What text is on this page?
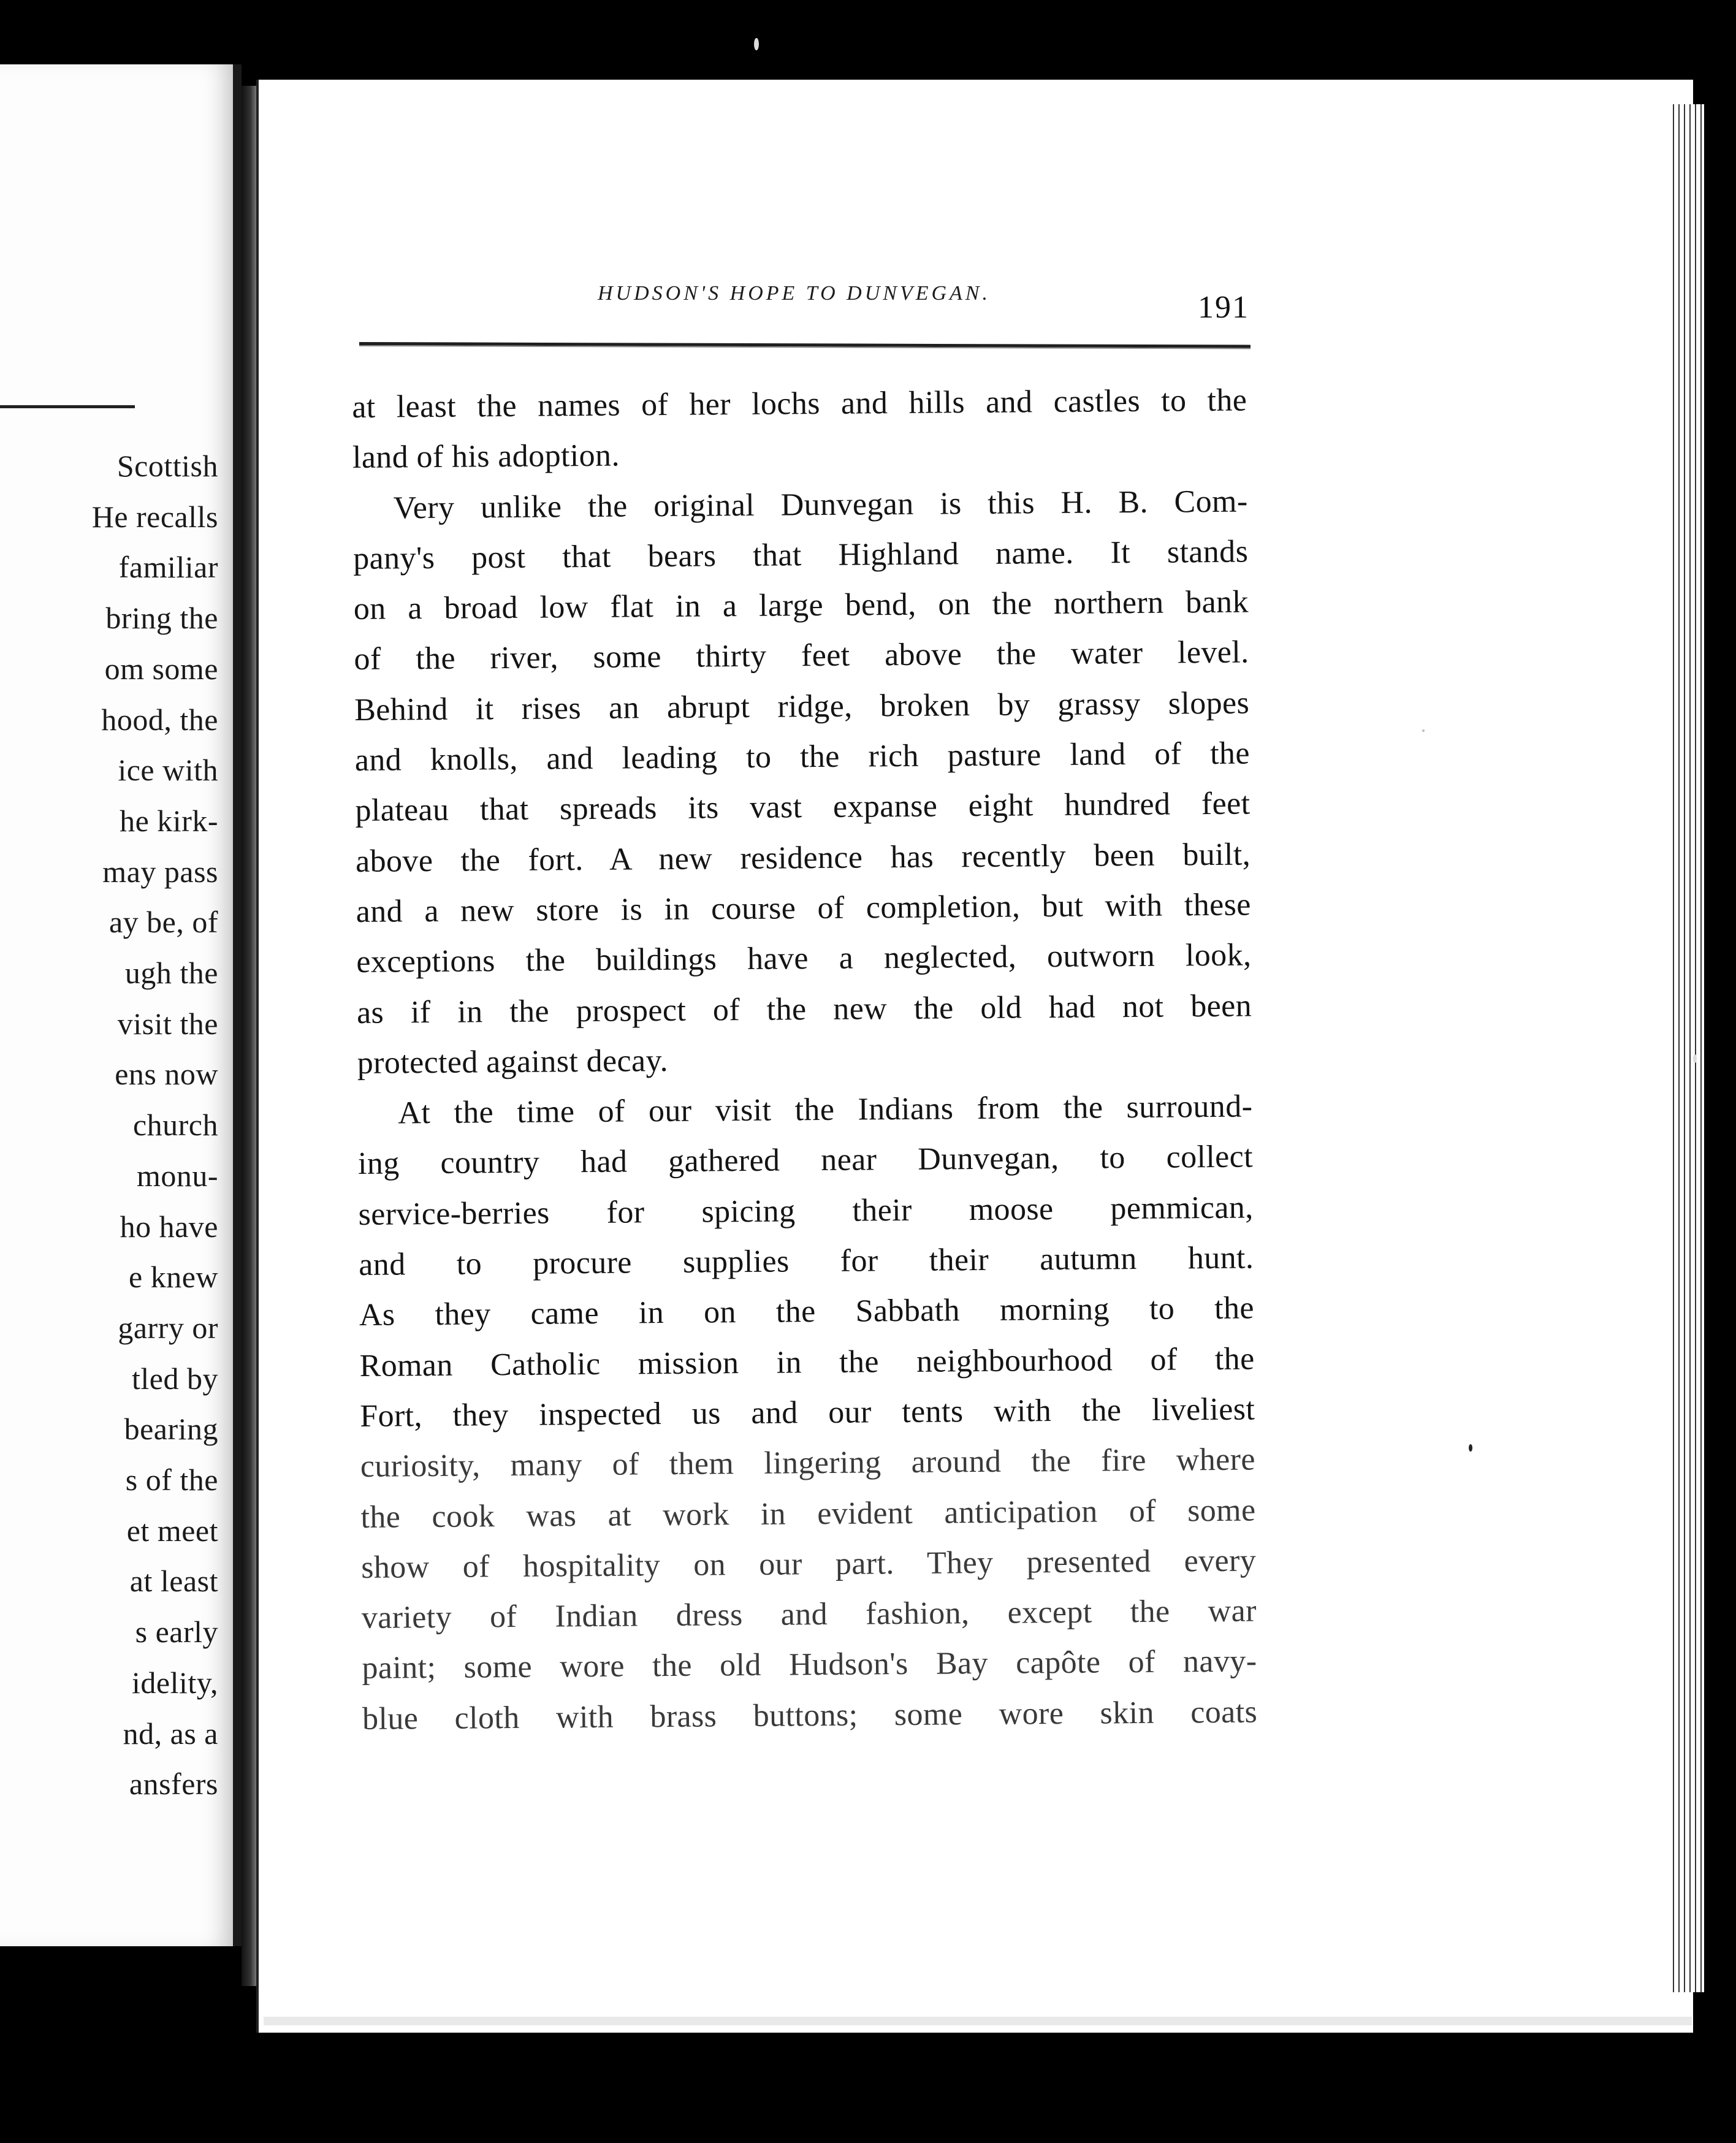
Scottish
He recalls
familiar
bring the
om some
hood, the
ice with
he kirk-
may pass
ay be, of
ugh the
visit the
ens now
church
monu-
ho have
e knew
garry or
tled by
bearing
s of the
et meet
at least
s early
idelity,
nd, as a
ansfers
HUDSON'S HOPE TO DUNVEGAN.	191
at least the names of her lochs and hills and castles to the
land of his adoption.
Very unlike the original Dunvegan is this H. B. Com-
pany's post that bears that Highland name. It stands
on a broad low flat in a large bend, on the northern bank
of the river, some thirty feet above the water level.
Behind it rises an abrupt ridge, broken by grassy slopes
and knolls, and leading to the rich pasture land of the
plateau that spreads its vast expanse eight hundred feet
above the fort. A new residence has recently been built,
and a new store is in course of completion, but with these
exceptions the buildings have a neglected, outworn look,
as if in the prospect of the new the old had not been
protected against decay.
At the time of our visit the Indians from the surround-
ing country had gathered near Dunvegan, to collect
service-berries for spicing their moose pemmican,
and to procure supplies for their autumn hunt.
As they came in on the Sabbath morning to the
Roman Catholic mission in the neighbourhood of the
Fort, they inspected us and our tents with the liveliest
curiosity, many of them lingering around the fire where
the cook was at work in evident anticipation of some
show of hospitality on our part. They presented every
variety of Indian dress and fashion, except the war
paint; some wore the old Hudson's Bay capôte of navy-
blue cloth with brass buttons; some wore skin coats
